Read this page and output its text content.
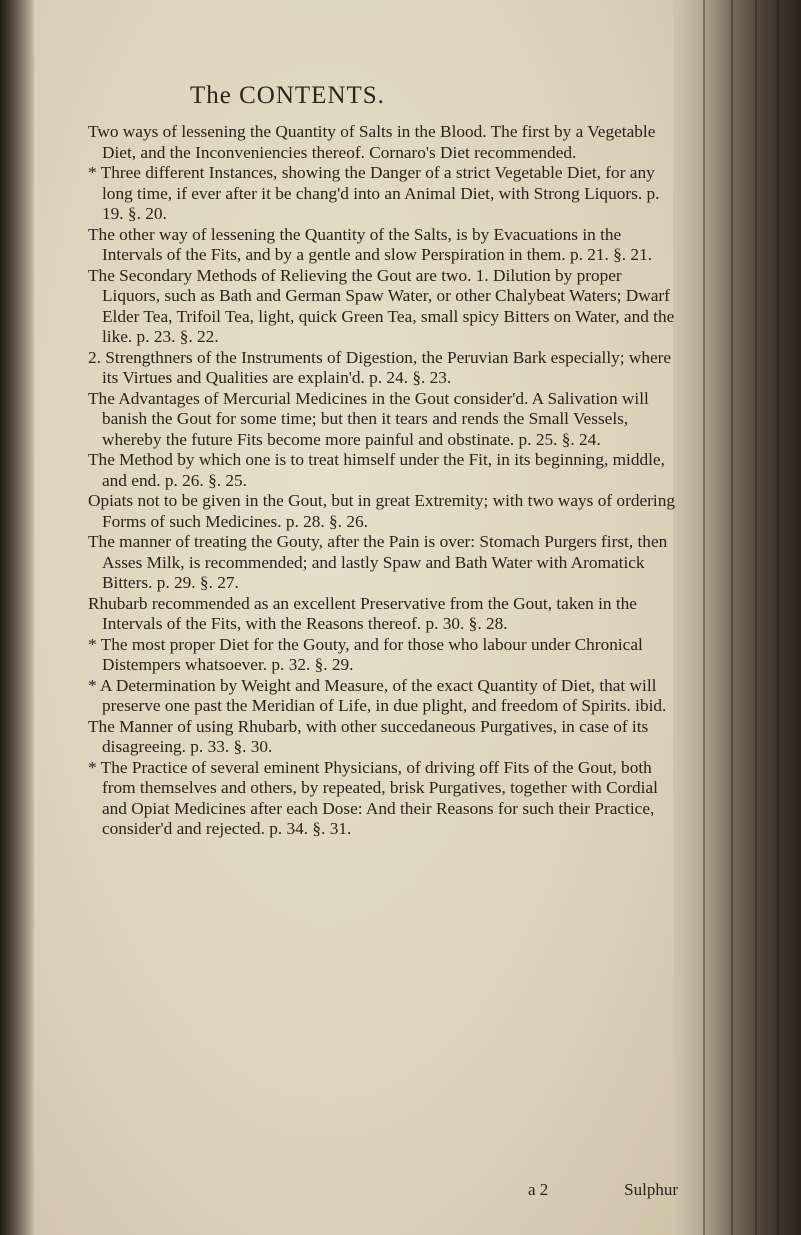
The CONTENTS.

Two ways of lessening the Quantity of Salts in the Blood. The first by a Vegetable Diet, and the Inconveniencies thereof. Cornaro's Diet recommended.

* Three different Instances, showing the Danger of a strict Vegetable Diet, for any long time, if ever after it be chang'd into an Animal Diet, with Strong Liquors. p. 19. §. 20.

The other way of lessening the Quantity of the Salts, is by Evacuations in the Intervals of the Fits, and by a gentle and slow Perspiration in them. p. 21. §. 21.

The Secondary Methods of Relieving the Gout are two. 1. Dilution by proper Liquors, such as Bath and German Spaw Water, or other Chalybeat Waters; Dwarf Elder Tea, Trifoil Tea, light, quick Green Tea, small spicy Bitters on Water, and the like. p. 23. §. 22.

2. Strengthners of the Instruments of Digestion, the Peruvian Bark especially; where its Virtues and Qualities are explain'd. p. 24. §. 23.

The Advantages of Mercurial Medicines in the Gout consider'd. A Salivation will banish the Gout for some time; but then it tears and rends the Small Vessels, whereby the future Fits become more painful and obstinate. p. 25. §. 24.

The Method by which one is to treat himself under the Fit, in its beginning, middle, and end. p. 26. §. 25.

Opiats not to be given in the Gout, but in great Extremity; with two ways of ordering Forms of such Medicines. p. 28. §. 26.

The manner of treating the Gouty, after the Pain is over: Stomach Purgers first, then Asses Milk, is recommended; and lastly Spaw and Bath Water with Aromatick Bitters. p. 29. §. 27.

Rhubarb recommended as an excellent Preservative from the Gout, taken in the Intervals of the Fits, with the Reasons thereof. p. 30. §. 28.

* The most proper Diet for the Gouty, and for those who labour under Chronical Distempers whatsoever. p. 32. §. 29.

* A Determination by Weight and Measure, of the exact Quantity of Diet, that will preserve one past the Meridian of Life, in due plight, and freedom of Spirits. ibid.

The Manner of using Rhubarb, with other succedaneous Purgatives, in case of its disagreeing. p. 33. §. 30.

* The Practice of several eminent Physicians, of driving off Fits of the Gout, both from themselves and others, by repeated, brisk Purgatives, together with Cordial and Opiat Medicines after each Dose: And their Reasons for such their Practice, consider'd and rejected. p. 34. §. 31.

a 2	Sulphur
